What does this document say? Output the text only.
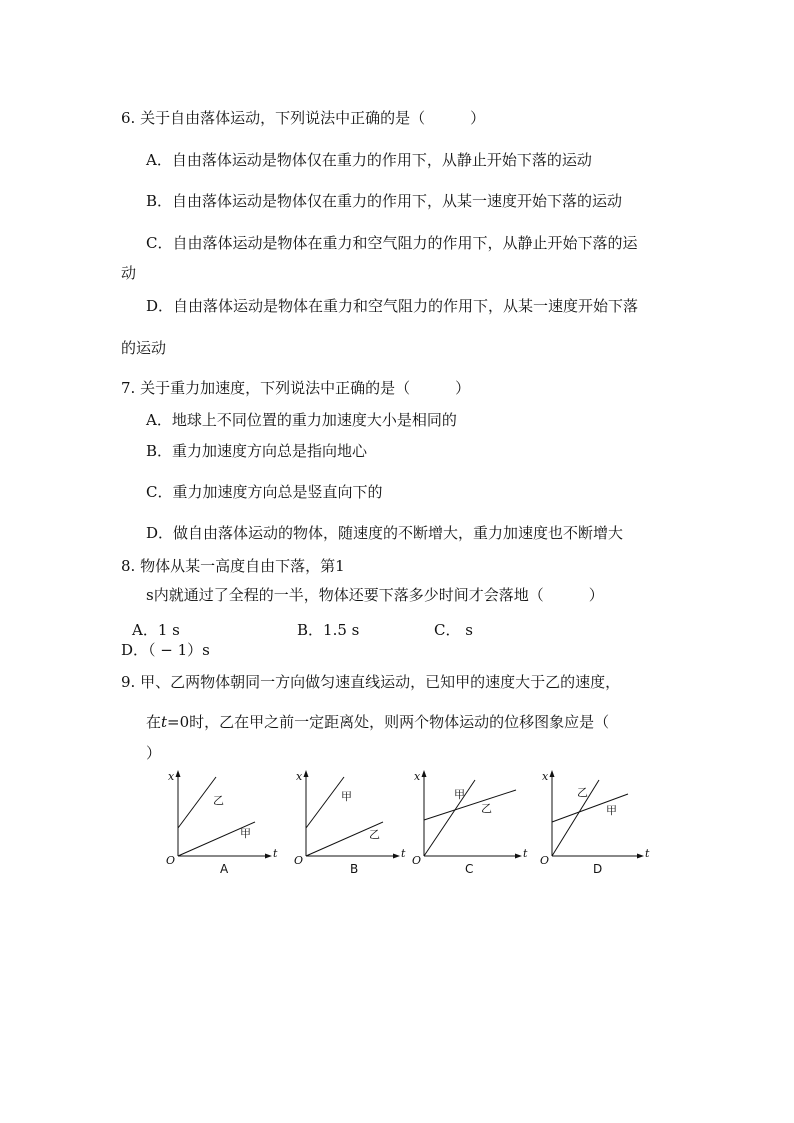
6. 关于自由落体运动，下列说法中正确的是（　　　）
A．自由落体运动是物体仅在重力的作用下，从静止开始下落的运动
B．自由落体运动是物体仅在重力的作用下，从某一速度开始下落的运动
C．自由落体运动是物体在重力和空气阻力的作用下，从静止开始下落的运
动
D．自由落体运动是物体在重力和空气阻力的作用下，从某一速度开始下落
的运动
7. 关于重力加速度，下列说法中正确的是（　　　）
A．地球上不同位置的重力加速度大小是相同的
B．重力加速度方向总是指向地心
C．重力加速度方向总是竖直向下的
D．做自由落体运动的物体，随速度的不断增大，重力加速度也不断增大
8. 物体从某一高度自由下落，第1
s内就通过了全程的一半，物体还要下落多少时间才会落地（　　　）
A．1 s	B．1.5 s	C． s
D．（ − 1）s
9. 甲、乙两物体朝同一方向做匀速直线运动，已知甲的速度大于乙的速度，
在t=0时，乙在甲之前一定距离处，则两个物体运动的位移图象应是（
）
x
t
O
乙
甲
A
x
t
O
甲
乙
B
x
t
O
甲
乙
C
x
t
O
乙
甲
D
